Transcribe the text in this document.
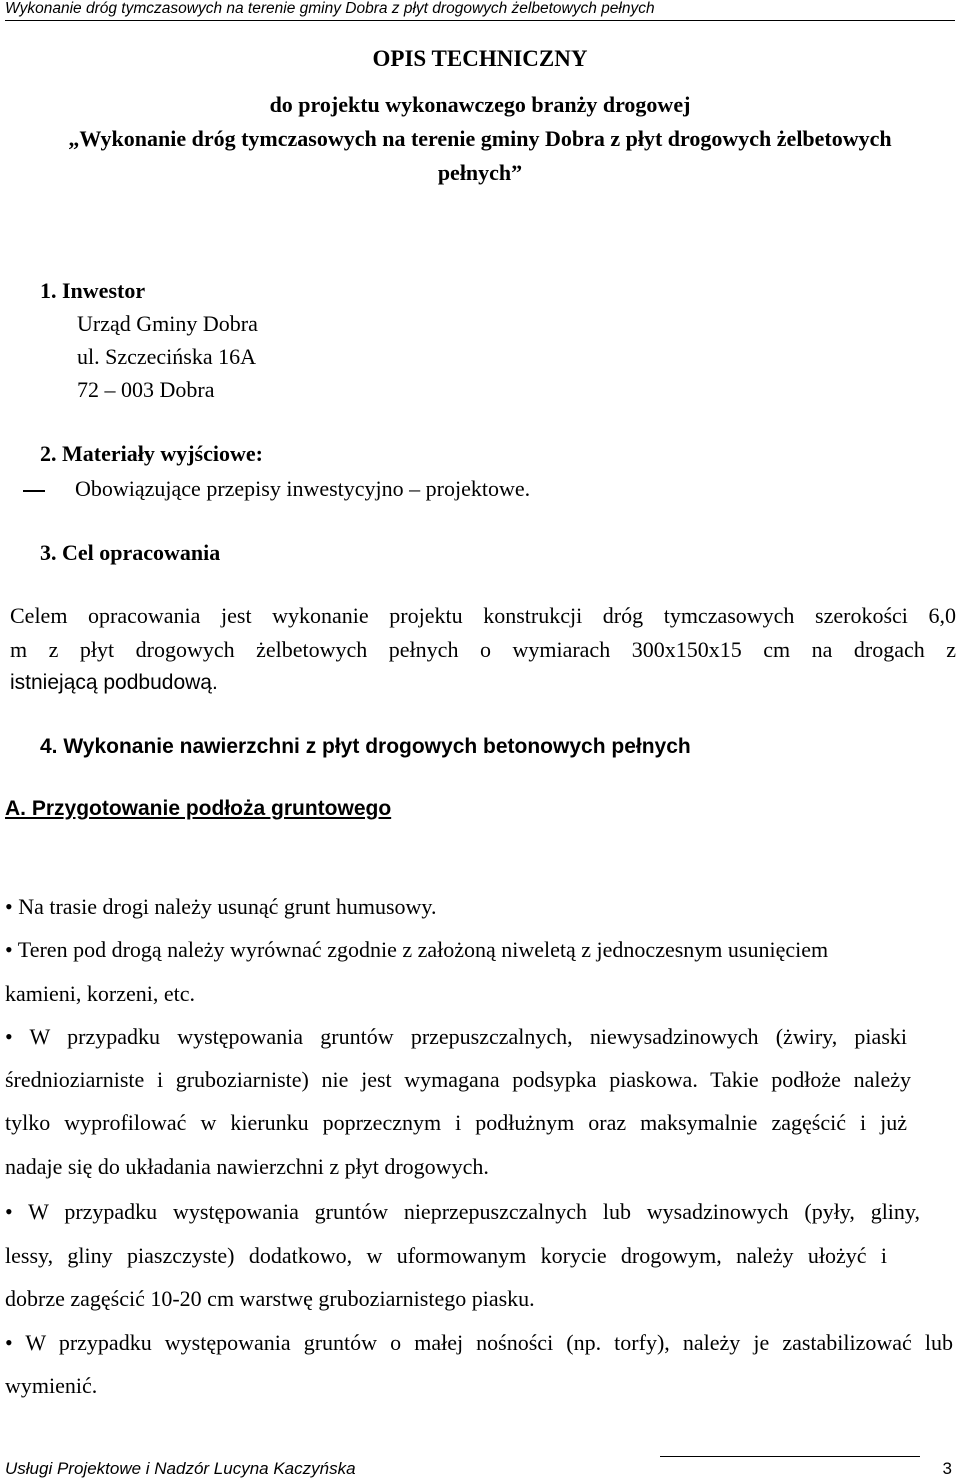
Wykonanie dróg tymczasowych na terenie gminy Dobra z płyt drogowych żelbetowych pełnych
OPIS TECHNICZNY
do projektu wykonawczego branży drogowej
„Wykonanie dróg tymczasowych na terenie gminy Dobra z płyt drogowych żelbetowych
pełnych”
1. Inwestor
Urząd Gminy Dobra
ul. Szczecińska 16A
72 – 003 Dobra
2. Materiały wyjściowe:
Obowiązujące przepisy inwestycyjno – projektowe.
3. Cel opracowania
Celem opracowania jest wykonanie projektu konstrukcji dróg tymczasowych szerokości 6,0
m z płyt drogowych żelbetowych pełnych o wymiarach 300x150x15 cm na drogach z
istniejącą podbudową.
4. Wykonanie nawierzchni z płyt drogowych betonowych pełnych
A. Przygotowanie podłoża gruntowego
• Na trasie drogi należy usunąć grunt humusowy.
• Teren pod drogą należy wyrównać zgodnie z założoną niweletą z jednoczesnym usunięciem
kamieni, korzeni, etc.
• W przypadku występowania gruntów przepuszczalnych, niewysadzinowych (żwiry, piaski
średnioziarniste i gruboziarniste) nie jest wymagana podsypka piaskowa. Takie podłoże należy
tylko wyprofilować w kierunku poprzecznym i podłużnym oraz maksymalnie zagęścić i już
nadaje się do układania nawierzchni z płyt drogowych.
• W przypadku występowania gruntów nieprzepuszczalnych lub wysadzinowych (pyły, gliny,
lessy, gliny piaszczyste) dodatkowo, w uformowanym korycie drogowym, należy ułożyć i
dobrze zagęścić 10-20 cm warstwę gruboziarnistego piasku.
• W przypadku występowania gruntów o małej nośności (np. torfy), należy je zastabilizować lub
wymienić.
Usługi Projektowe i Nadzór Lucyna Kaczyńska	3
